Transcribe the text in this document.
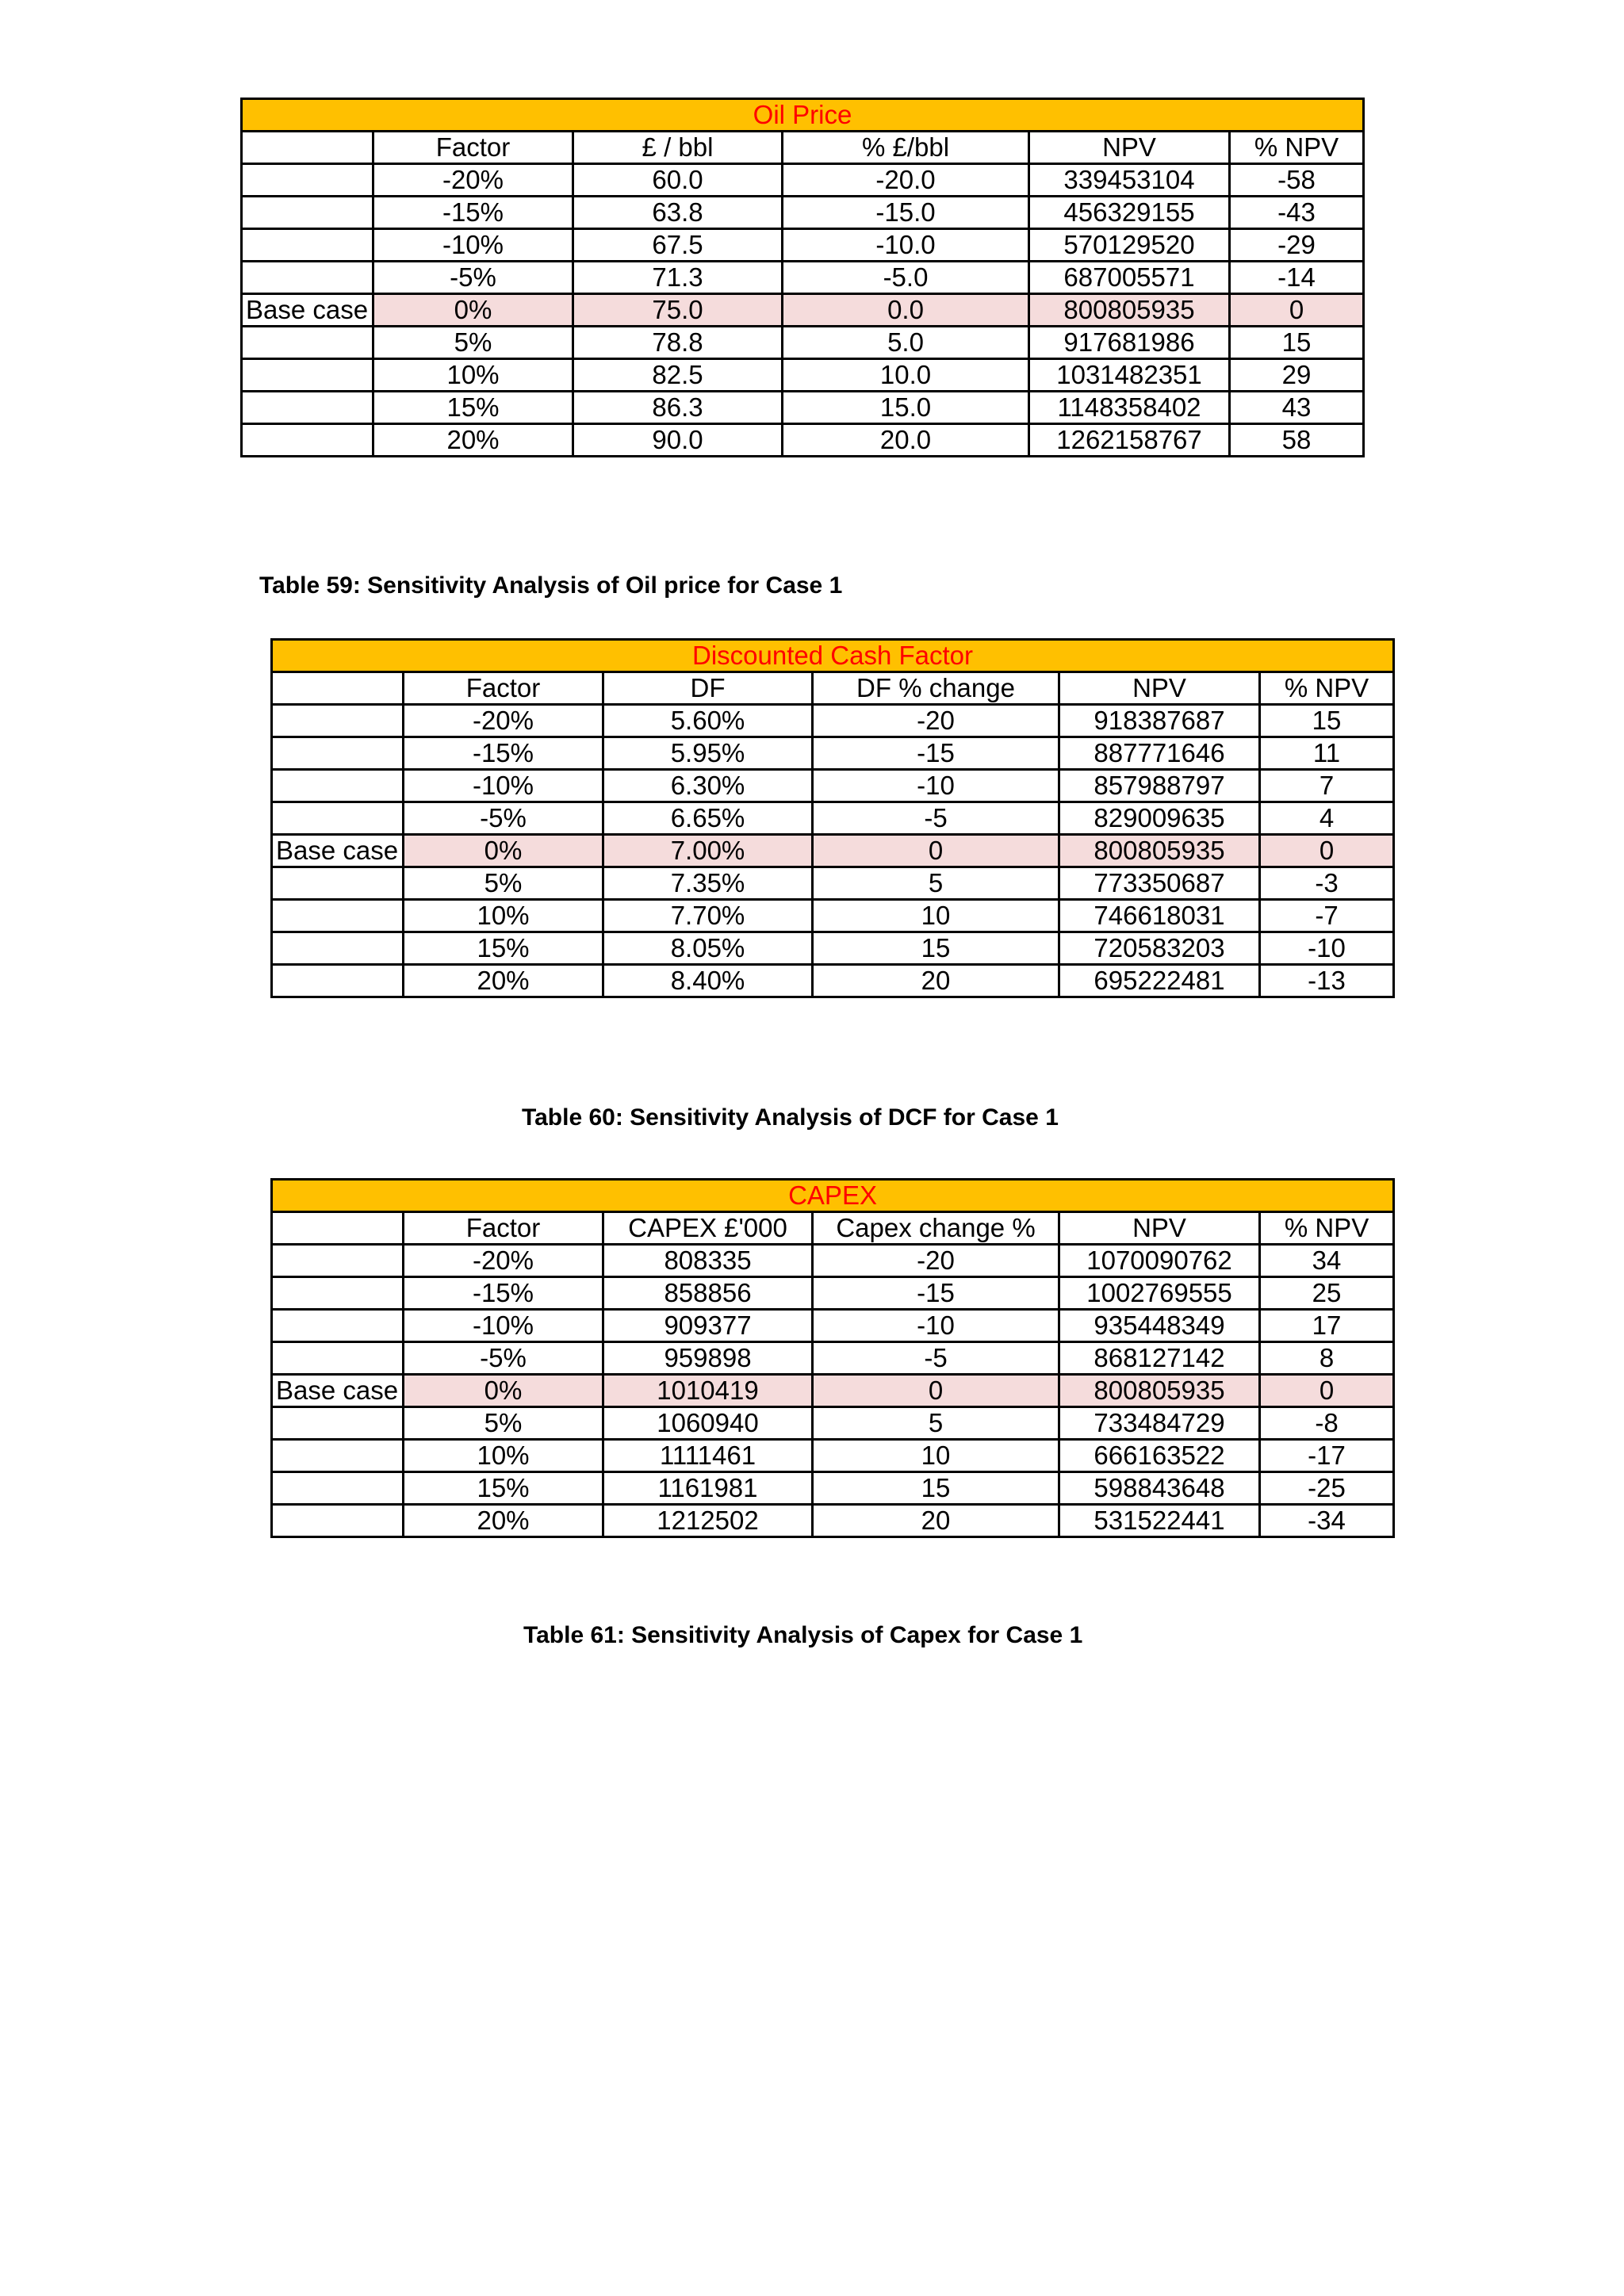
Oil Price					
	Factor	£ / bbl	% £/bbl	NPV	% NPV
	-20%	60.0	-20.0	339453104	-58
	-15%	63.8	-15.0	456329155	-43
	-10%	67.5	-10.0	570129520	-29
	-5%	71.3	-5.0	687005571	-14
Base case	0%	75.0	0.0	800805935	0
	5%	78.8	5.0	917681986	15
	10%	82.5	10.0	1031482351	29
	15%	86.3	15.0	1148358402	43
	20%	90.0	20.0	1262158767	58
Table 59: Sensitivity Analysis of Oil price for Case 1
Discounted Cash Factor					
	Factor	DF	DF % change	NPV	% NPV
	-20%	5.60%	-20	918387687	15
	-15%	5.95%	-15	887771646	11
	-10%	6.30%	-10	857988797	7
	-5%	6.65%	-5	829009635	4
Base case	0%	7.00%	0	800805935	0
	5%	7.35%	5	773350687	-3
	10%	7.70%	10	746618031	-7
	15%	8.05%	15	720583203	-10
	20%	8.40%	20	695222481	-13
Table 60: Sensitivity Analysis of DCF for Case 1
CAPEX					
	Factor	CAPEX £'000	Capex change %	NPV	% NPV
	-20%	808335	-20	1070090762	34
	-15%	858856	-15	1002769555	25
	-10%	909377	-10	935448349	17
	-5%	959898	-5	868127142	8
Base case	0%	1010419	0	800805935	0
	5%	1060940	5	733484729	-8
	10%	1111461	10	666163522	-17
	15%	1161981	15	598843648	-25
	20%	1212502	20	531522441	-34
Table 61: Sensitivity Analysis of Capex for Case 1
